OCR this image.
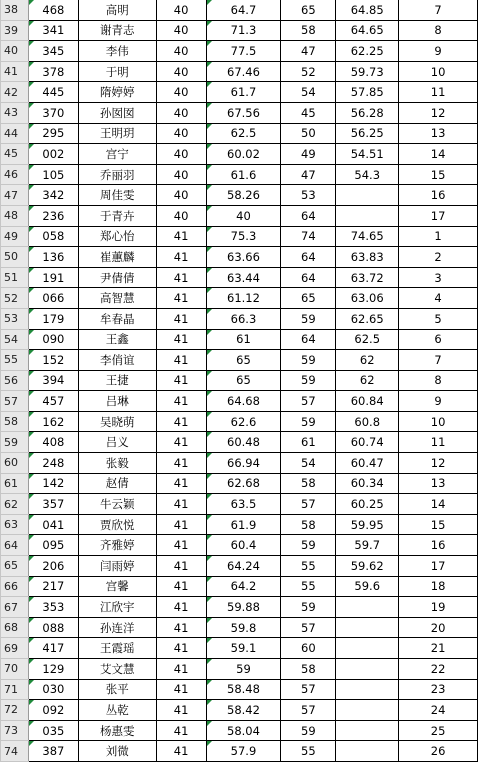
38	468	高明	40	64.7	65	64.85	7
39	341	谢青志	40	71.3	58	64.65	8
40	345	李伟	40	77.5	47	62.25	9
41	378	于明	40	67.46	52	59.73	10
42	445	隋婷婷	40	61.7	54	57.85	11
43	370	孙囡囡	40	67.56	45	56.28	12
44	295	王明玥	40	62.5	50	56.25	13
45	002	宫宁	40	60.02	49	54.51	14
46	105	乔丽羽	40	61.6	47	54.3	15
47	342	周佳雯	40	58.26	53		16
48	236	于青卉	40	40	64		17
49	058	郑心怡	41	75.3	74	74.65	1
50	136	崔蕙麟	41	63.66	64	63.83	2
51	191	尹倩倩	41	63.44	64	63.72	3
52	066	高智慧	41	61.12	65	63.06	4
53	179	牟春晶	41	66.3	59	62.65	5
54	090	王鑫	41	61	64	62.5	6
55	152	李俏谊	41	65	59	62	7
56	394	王捷	41	65	59	62	8
57	457	吕琳	41	64.68	57	60.84	9
58	162	吴晓萌	41	62.6	59	60.8	10
59	408	吕义	41	60.48	61	60.74	11
60	248	张毅	41	66.94	54	60.47	12
61	142	赵倩	41	62.68	58	60.34	13
62	357	牛云颖	41	63.5	57	60.25	14
63	041	贾欣悦	41	61.9	58	59.95	15
64	095	齐雅婷	41	60.4	59	59.7	16
65	206	闫雨婷	41	64.24	55	59.62	17
66	217	宫馨	41	64.2	55	59.6	18
67	353	江欣宇	41	59.88	59		19
68	088	孙连洋	41	59.8	57		20
69	417	王霞瑶	41	59.1	60		21
70	129	艾文慧	41	59	58		22
71	030	张平	41	58.48	57		23
72	092	丛乾	41	58.42	57		24
73	035	杨惠雯	41	58.04	59		25
74	387	刘微	41	57.9	55		26
